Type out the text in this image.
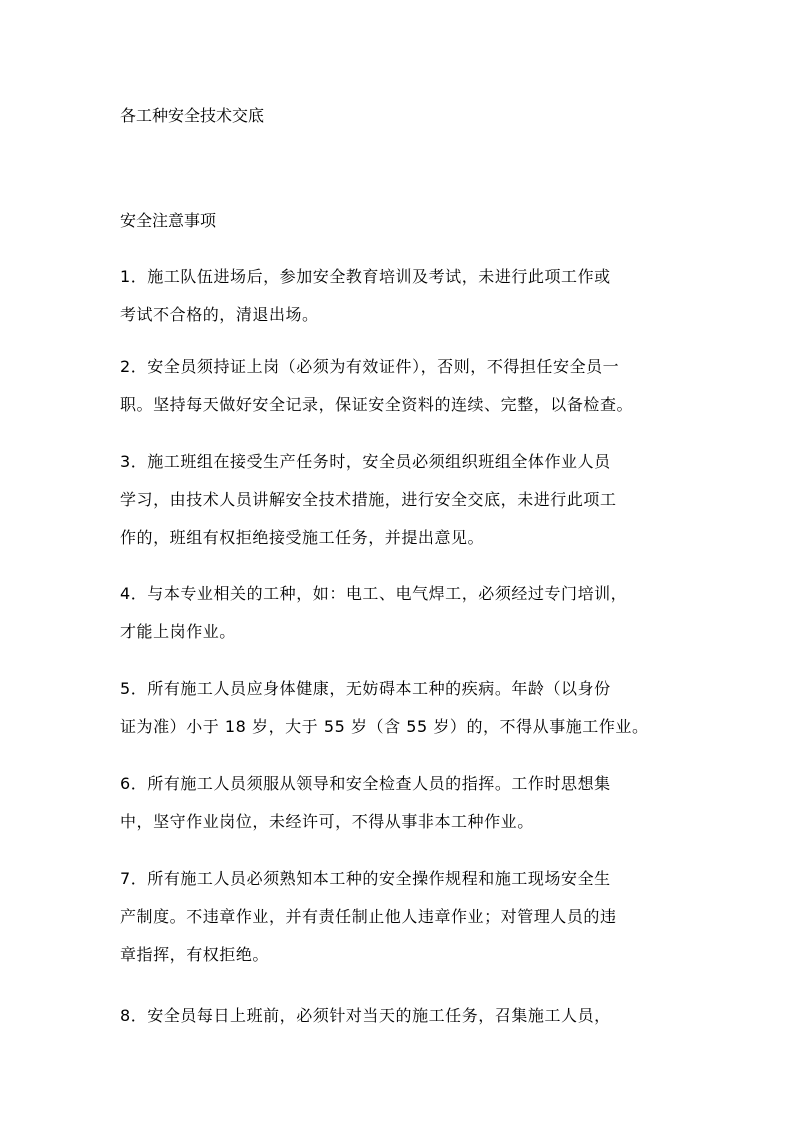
各工种安全技术交底
安全注意事项

1．施工队伍进场后，参加安全教育培训及考试，未进行此项工作或
考试不合格的，清退出场。

2．安全员须持证上岗（必须为有效证件），否则，不得担任安全员一
职。坚持每天做好安全记录，保证安全资料的连续、完整，以备检查。

3．施工班组在接受生产任务时，安全员必须组织班组全体作业人员
学习，由技术人员讲解安全技术措施，进行安全交底，未进行此项工
作的，班组有权拒绝接受施工任务，并提出意见。

4．与本专业相关的工种，如：电工、电气焊工，必须经过专门培训，
才能上岗作业。

5．所有施工人员应身体健康，无妨碍本工种的疾病。年龄（以身份
证为准）小于 18 岁，大于 55 岁（含 55 岁）的，不得从事施工作业。

6．所有施工人员须服从领导和安全检查人员的指挥。工作时思想集
中，坚守作业岗位，未经许可，不得从事非本工种作业。

7．所有施工人员必须熟知本工种的安全操作规程和施工现场安全生
产制度。不违章作业，并有责任制止他人违章作业；对管理人员的违
章指挥，有权拒绝。

8．安全员每日上班前，必须针对当天的施工任务，召集施工人员，
